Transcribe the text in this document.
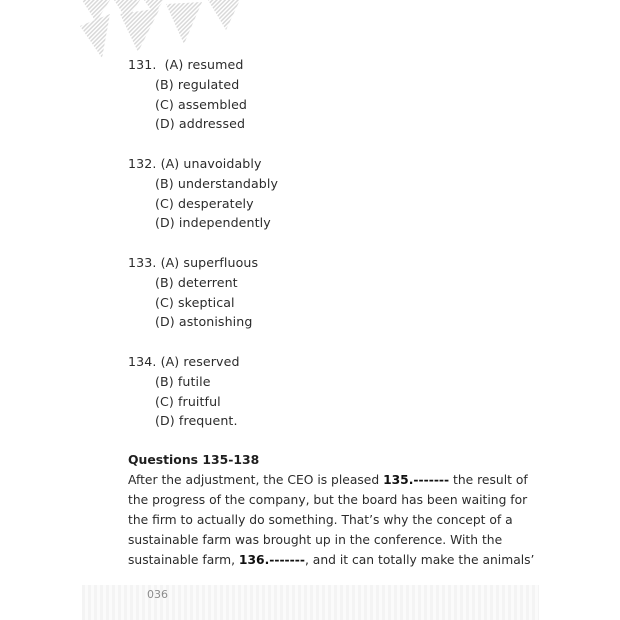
131. (A) resumed
(B) regulated
(C) assembled
(D) addressed
132. (A) unavoidably
(B) understandably
(C) desperately
(D) independently
133. (A) superfluous
(B) deterrent
(C) skeptical
(D) astonishing
134. (A) reserved
(B) futile
(C) fruitful
(D) frequent.
Questions 135-138
After the adjustment, the CEO is pleased 135.------- the result of
the progress of the company, but the board has been waiting for
the firm to actually do something. That’s why the concept of a
sustainable farm was brought up in the conference. With the
sustainable farm, 136.-------, and it can totally make the animals’
036
